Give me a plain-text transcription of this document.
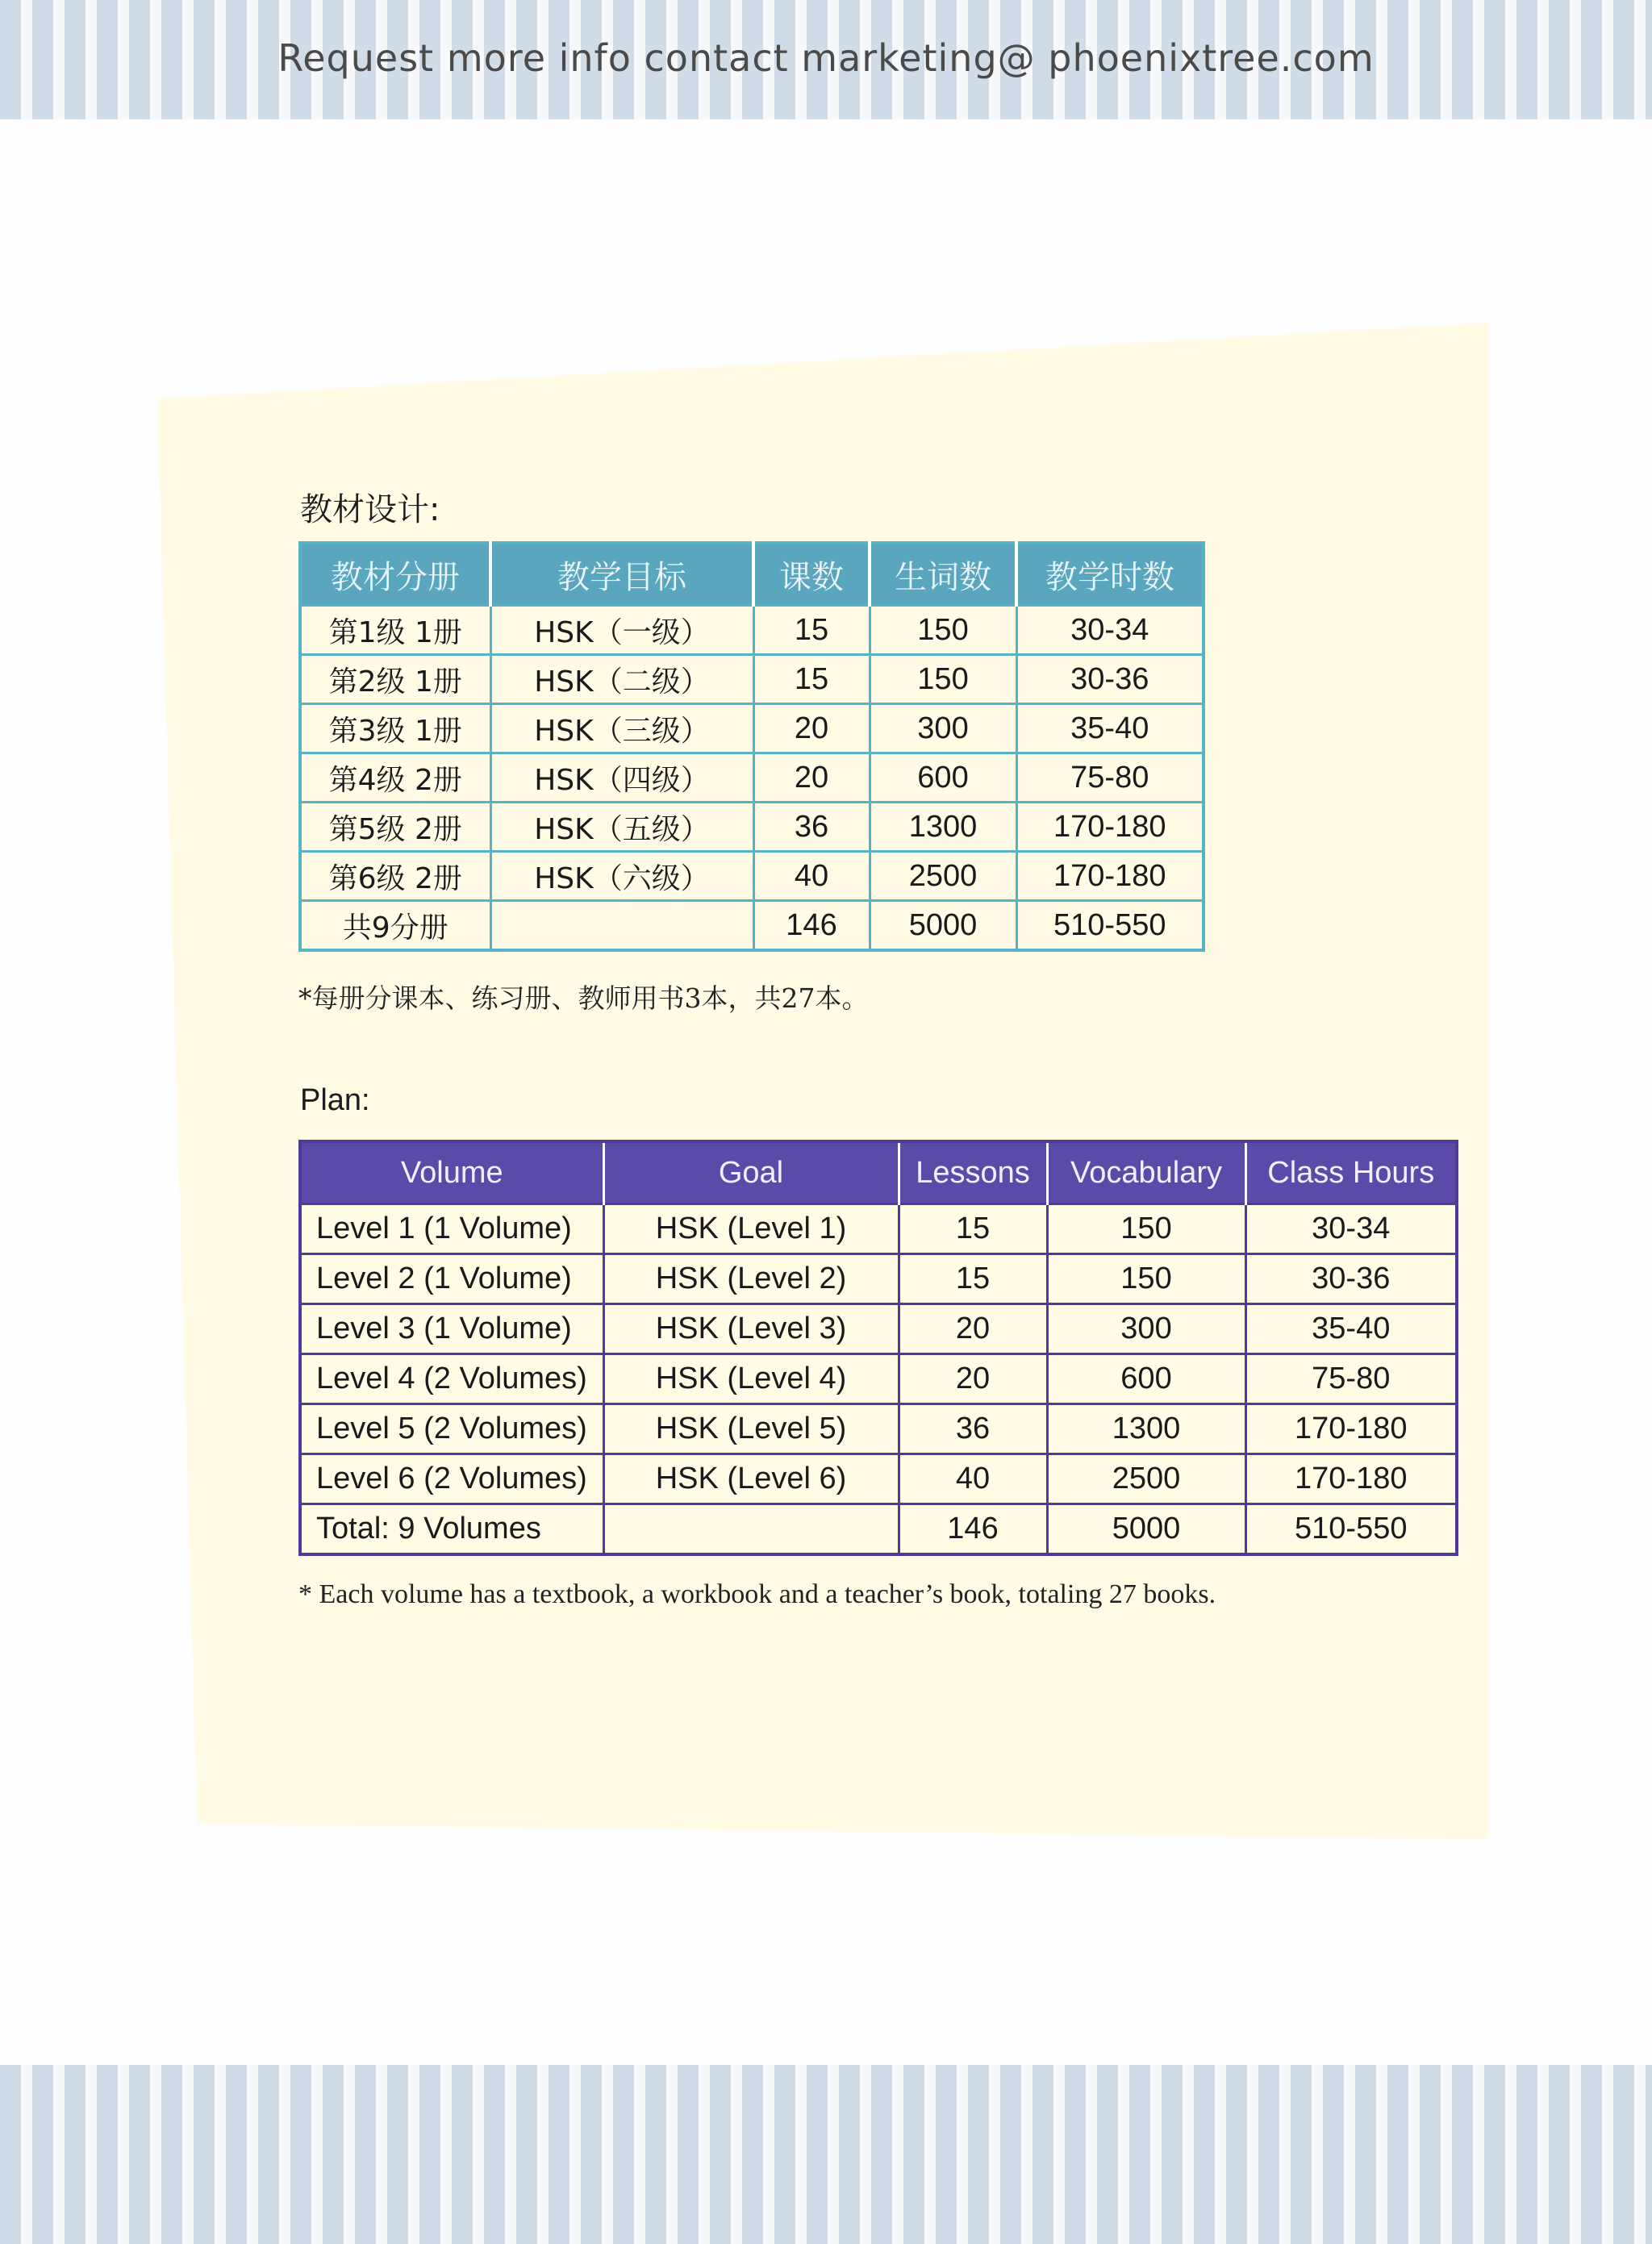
Request more info contact marketing@ phoenixtree.com
教材设计:
教材分册	教学目标	课数	生词数	教学时数
第1级 1册	HSK（一级）	15	150	30-34
第2级 1册	HSK（二级）	15	150	30-36
第3级 1册	HSK（三级）	20	300	35-40
第4级 2册	HSK（四级）	20	600	75-80
第5级 2册	HSK（五级）	36	1300	170-180
第6级 2册	HSK（六级）	40	2500	170-180
共9分册		146	5000	510-550
*每册分课本、练习册、教师用书3本，共27本。
Plan:
Volume	Goal	Lessons	Vocabulary	Class Hours
Level 1 (1 Volume)	HSK (Level 1)	15	150	30-34
Level 2 (1 Volume)	HSK (Level 2)	15	150	30-36
Level 3 (1 Volume)	HSK (Level 3)	20	300	35-40
Level 4 (2 Volumes)	HSK (Level 4)	20	600	75-80
Level 5 (2 Volumes)	HSK (Level 5)	36	1300	170-180
Level 6 (2 Volumes)	HSK (Level 6)	40	2500	170-180
Total: 9 Volumes		146	5000	510-550
* Each volume has a textbook, a workbook and a teacher’s book, totaling 27 books.
